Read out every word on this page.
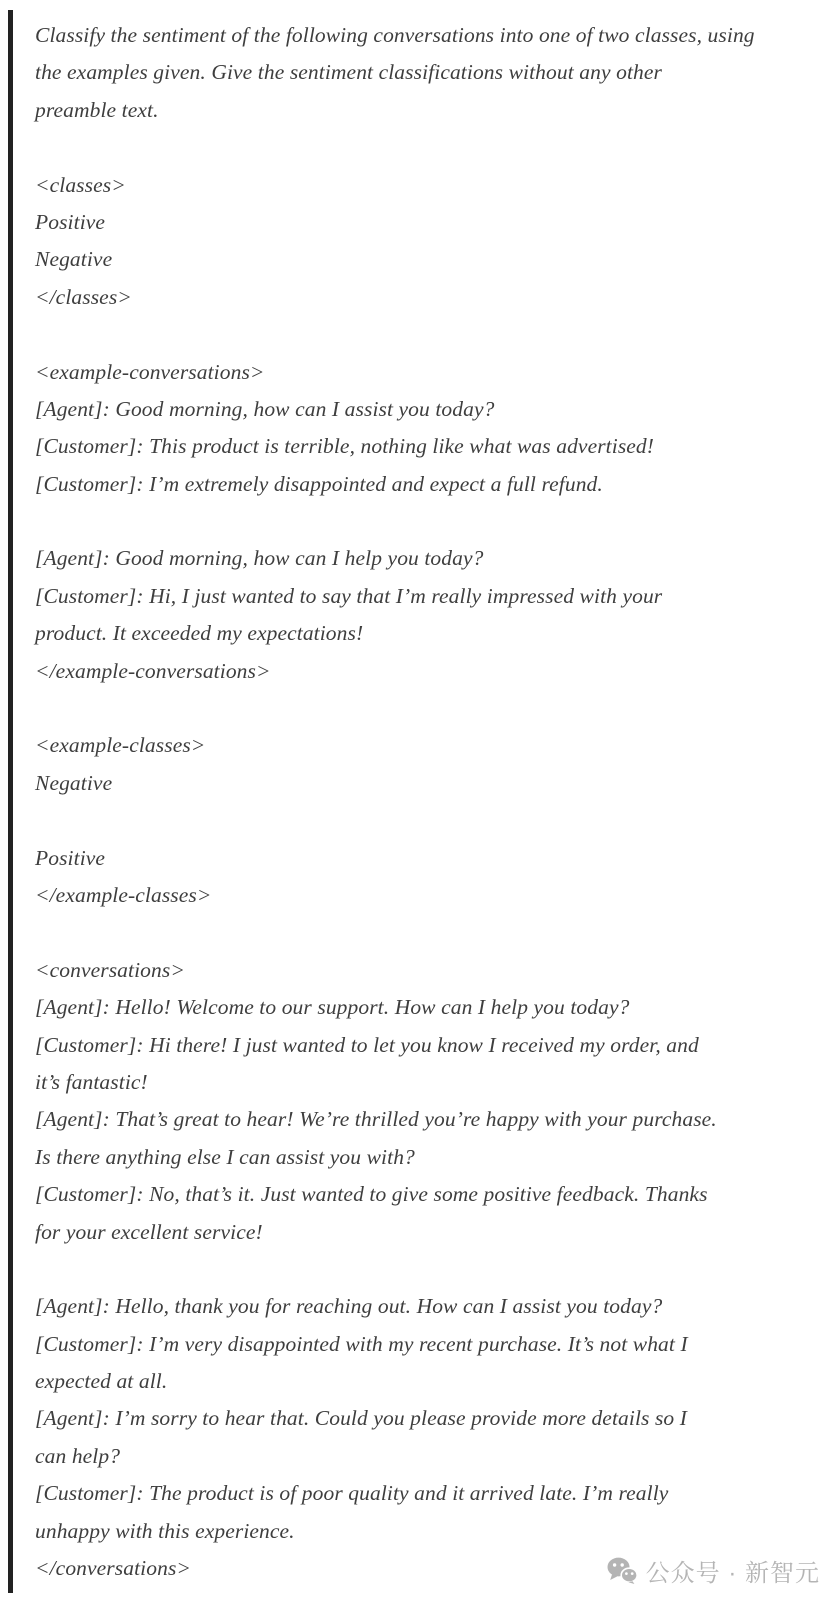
Classify the sentiment of the following conversations into one of two classes, using
the examples given. Give the sentiment classifications without any other
preamble text.

<classes>
Positive
Negative
</classes>

<example-conversations>
[Agent]: Good morning, how can I assist you today?
[Customer]: This product is terrible, nothing like what was advertised!
[Customer]: I’m extremely disappointed and expect a full refund.

[Agent]: Good morning, how can I help you today?
[Customer]: Hi, I just wanted to say that I’m really impressed with your
product. It exceeded my expectations!
</example-conversations>

<example-classes>
Negative

Positive
</example-classes>

<conversations>
[Agent]: Hello! Welcome to our support. How can I help you today?
[Customer]: Hi there! I just wanted to let you know I received my order, and
it’s fantastic!
[Agent]: That’s great to hear! We’re thrilled you’re happy with your purchase.
Is there anything else I can assist you with?
[Customer]: No, that’s it. Just wanted to give some positive feedback. Thanks
for your excellent service!

[Agent]: Hello, thank you for reaching out. How can I assist you today?
[Customer]: I’m very disappointed with my recent purchase. It’s not what I
expected at all.
[Agent]: I’m sorry to hear that. Could you please provide more details so I
can help?
[Customer]: The product is of poor quality and it arrived late. I’m really
unhappy with this experience.
</conversations>	公众号 · 新智元
